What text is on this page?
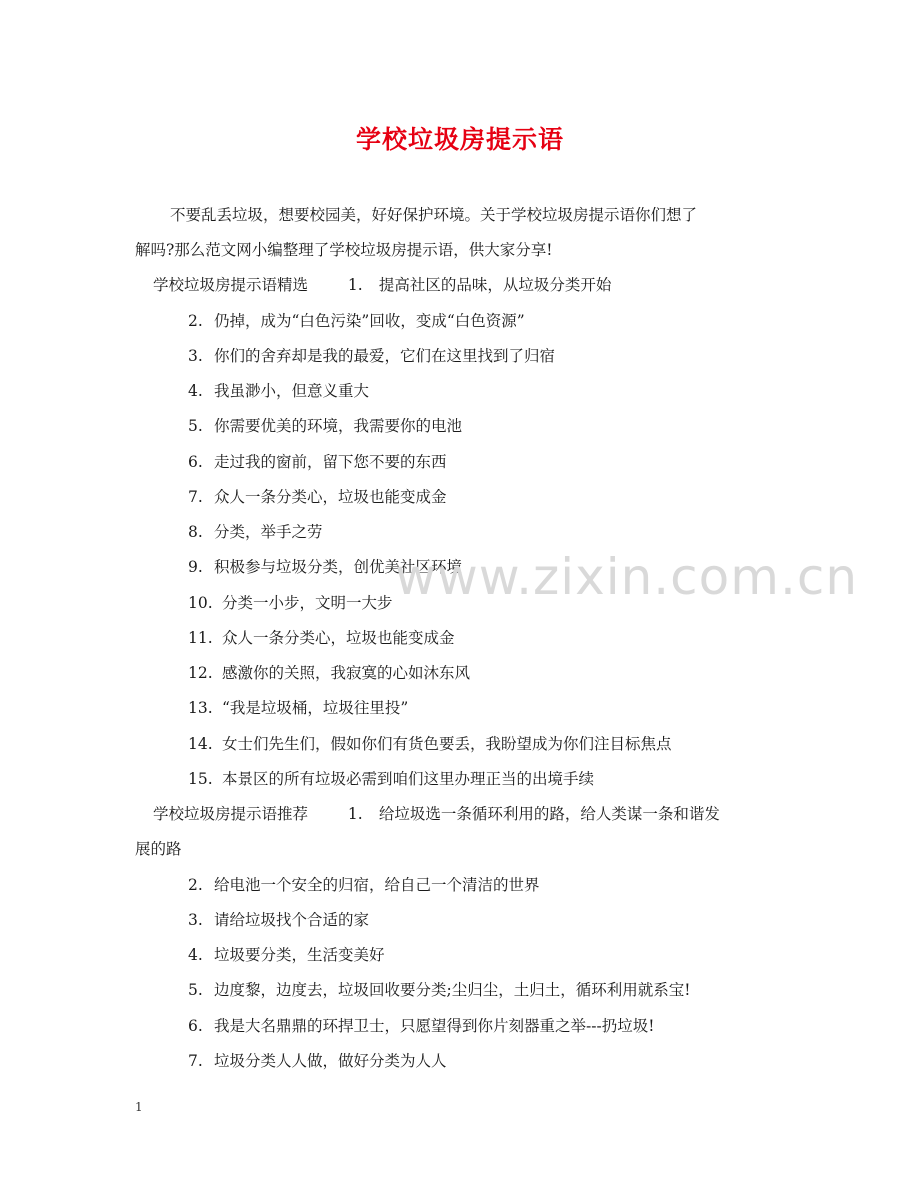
学校垃圾房提示语
不要乱丢垃圾，想要校园美，好好保护环境。关于学校垃圾房提示语你们想了
解吗?那么范文网小编整理了学校垃圾房提示语，供大家分享!
学校垃圾房提示语精选	1. 提高社区的品味，从垃圾分类开始
2. 仍掉，成为“白色污染”回收，变成“白色资源”
3. 你们的舍弃却是我的最爱，它们在这里找到了归宿
4. 我虽渺小，但意义重大
5. 你需要优美的环境，我需要你的电池
6. 走过我的窗前，留下您不要的东西
7. 众人一条分类心，垃圾也能变成金
8. 分类，举手之劳
9. 积极参与垃圾分类，创优美社区环境
10. 分类一小步，文明一大步
11. 众人一条分类心，垃圾也能变成金
12. 感激你的关照，我寂寞的心如沐东风
13. “我是垃圾桶，垃圾往里投”
14. 女士们先生们，假如你们有货色要丢，我盼望成为你们注目标焦点
15. 本景区的所有垃圾必需到咱们这里办理正当的出境手续
学校垃圾房提示语推荐	1. 给垃圾选一条循环利用的路，给人类谋一条和谐发
展的路
2. 给电池一个安全的归宿，给自己一个清洁的世界
3. 请给垃圾找个合适的家
4. 垃圾要分类，生活变美好
5. 边度黎，边度去，垃圾回收要分类;尘归尘，土归土，循环利用就系宝!
6. 我是大名鼎鼎的环捍卫士，只愿望得到你片刻器重之举---扔垃圾!
7. 垃圾分类人人做，做好分类为人人
www.zixin.com.cn
1
